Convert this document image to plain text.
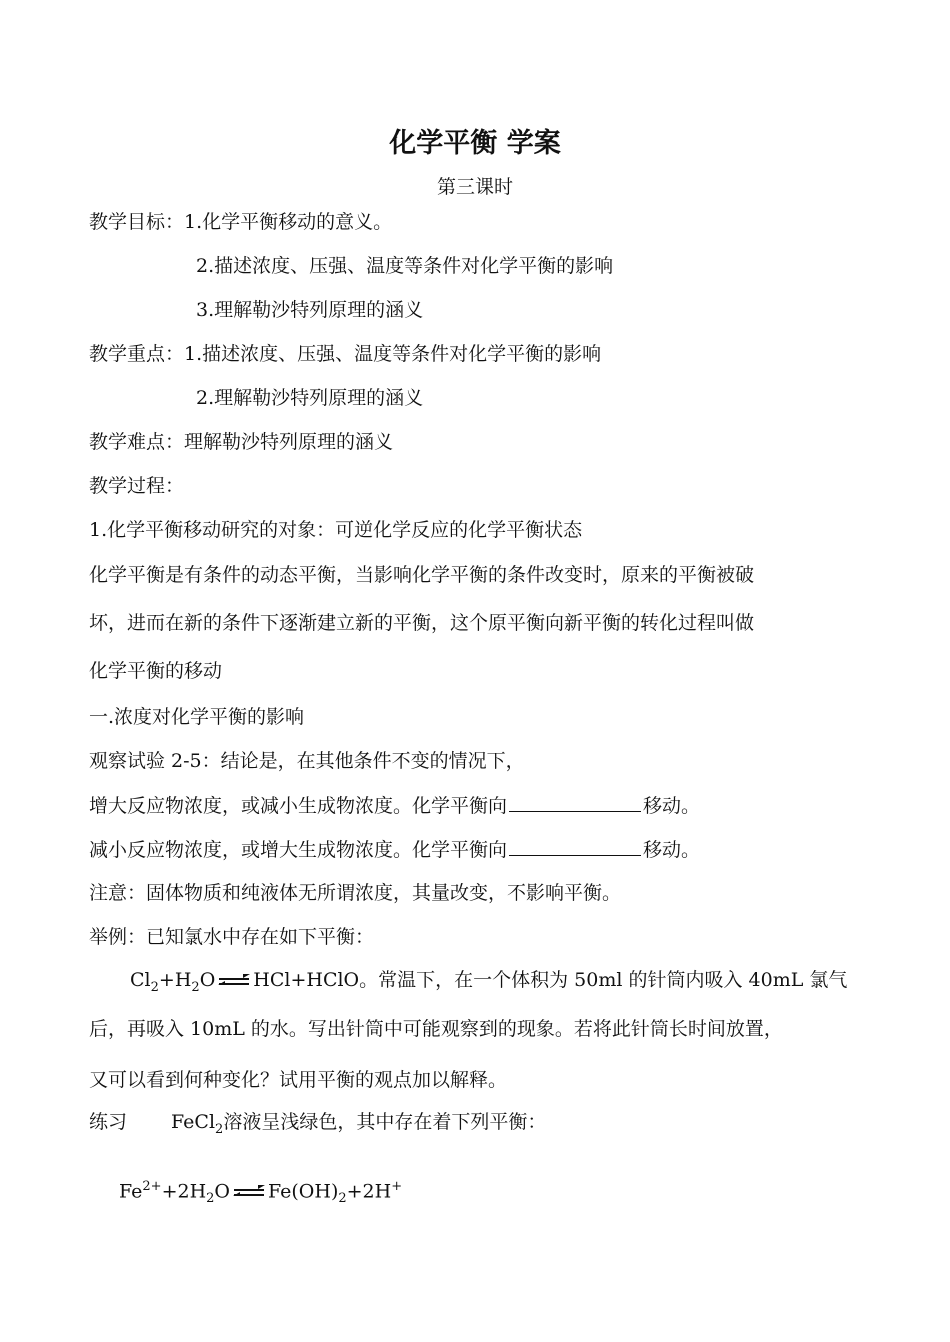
化学平衡 学案
第三课时
教学目标：1.化学平衡移动的意义。
2.描述浓度、压强、温度等条件对化学平衡的影响
3.理解勒沙特列原理的涵义
教学重点：1.描述浓度、压强、温度等条件对化学平衡的影响
2.理解勒沙特列原理的涵义
教学难点：理解勒沙特列原理的涵义
教学过程：
1.化学平衡移动研究的对象：可逆化学反应的化学平衡状态
化学平衡是有条件的动态平衡，当影响化学平衡的条件改变时，原来的平衡被破
坏，进而在新的条件下逐渐建立新的平衡，这个原平衡向新平衡的转化过程叫做
化学平衡的移动
一.浓度对化学平衡的影响
观察试验 2-5：结论是，在其他条件不变的情况下，
增大反应物浓度，或减小生成物浓度。化学平衡向	移动。
减小反应物浓度，或增大生成物浓度。化学平衡向	移动。
注意：固体物质和纯液体无所谓浓度，其量改变，不影响平衡。
举例：已知氯水中存在如下平衡：
$Cl_2+H_2O$ HCl+HClO。常温下，在一个体积为 50ml 的针筒内吸入 40mL 氯气
后，再吸入 10mL 的水。写出针筒中可能观察到的现象。若将此针筒长时间放置，
又可以看到何种变化？试用平衡的观点加以解释。
练习 FeCl$_2$溶液呈浅绿色，其中存在着下列平衡：
$Fe^{2+}+2H_2O$ $Fe(OH)_2+2H^+$
